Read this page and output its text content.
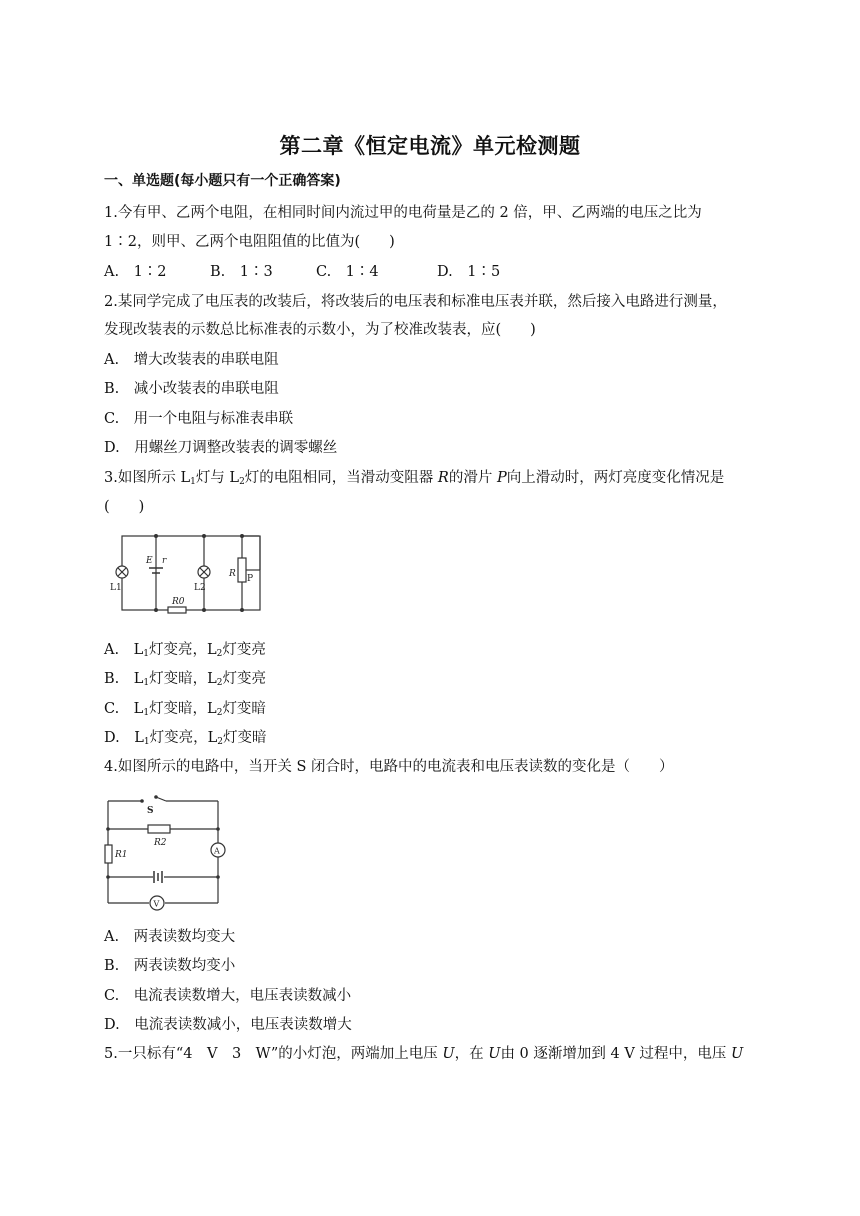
第二章《恒定电流》单元检测题
一、单选题(每小题只有一个正确答案)
1.今有甲、乙两个电阻，在相同时间内流过甲的电荷量是乙的 2 倍，甲、乙两端的电压之比为
1∶2，则甲、乙两个电阻阻值的比值为(　　)
A.　1∶2	B.　1∶3	C.　1∶4	D.　1∶5
2.某同学完成了电压表的改装后，将改装后的电压表和标准电压表并联，然后接入电路进行测量，
发现改装表的示数总比标准表的示数小，为了校准改装表，应(　　)
A.　增大改装表的串联电阻
B.　减小改装表的串联电阻
C.　用一个电阻与标准表串联
D.　用螺丝刀调整改装表的调零螺丝
3.如图所示 $L_1$灯与 $L_2$灯的电阻相同，当滑动变阻器 R的滑片 P向上滑动时，两灯亮度变化情况是
(　　)
L1	L2
E r
R P
R0
A.　$L_1$灯变亮，$L_2$灯变亮
B.　$L_1$灯变暗，$L_2$灯变亮
C.　$L_1$灯变暗，$L_2$灯变暗
D.　$L_1$灯变亮，$L_2$灯变暗
4.如图所示的电路中，当开关 S 闭合时，电路中的电流表和电压表读数的变化是（　　）
S
R2
R1	A
V
A.　两表读数均变大
B.　两表读数均变小
C.　电流表读数增大，电压表读数减小
D.　电流表读数减小，电压表读数增大
5.一只标有“4　V　3　W”的小灯泡，两端加上电压 U，在 U由 0 逐渐增加到 4 V 过程中，电压 U
